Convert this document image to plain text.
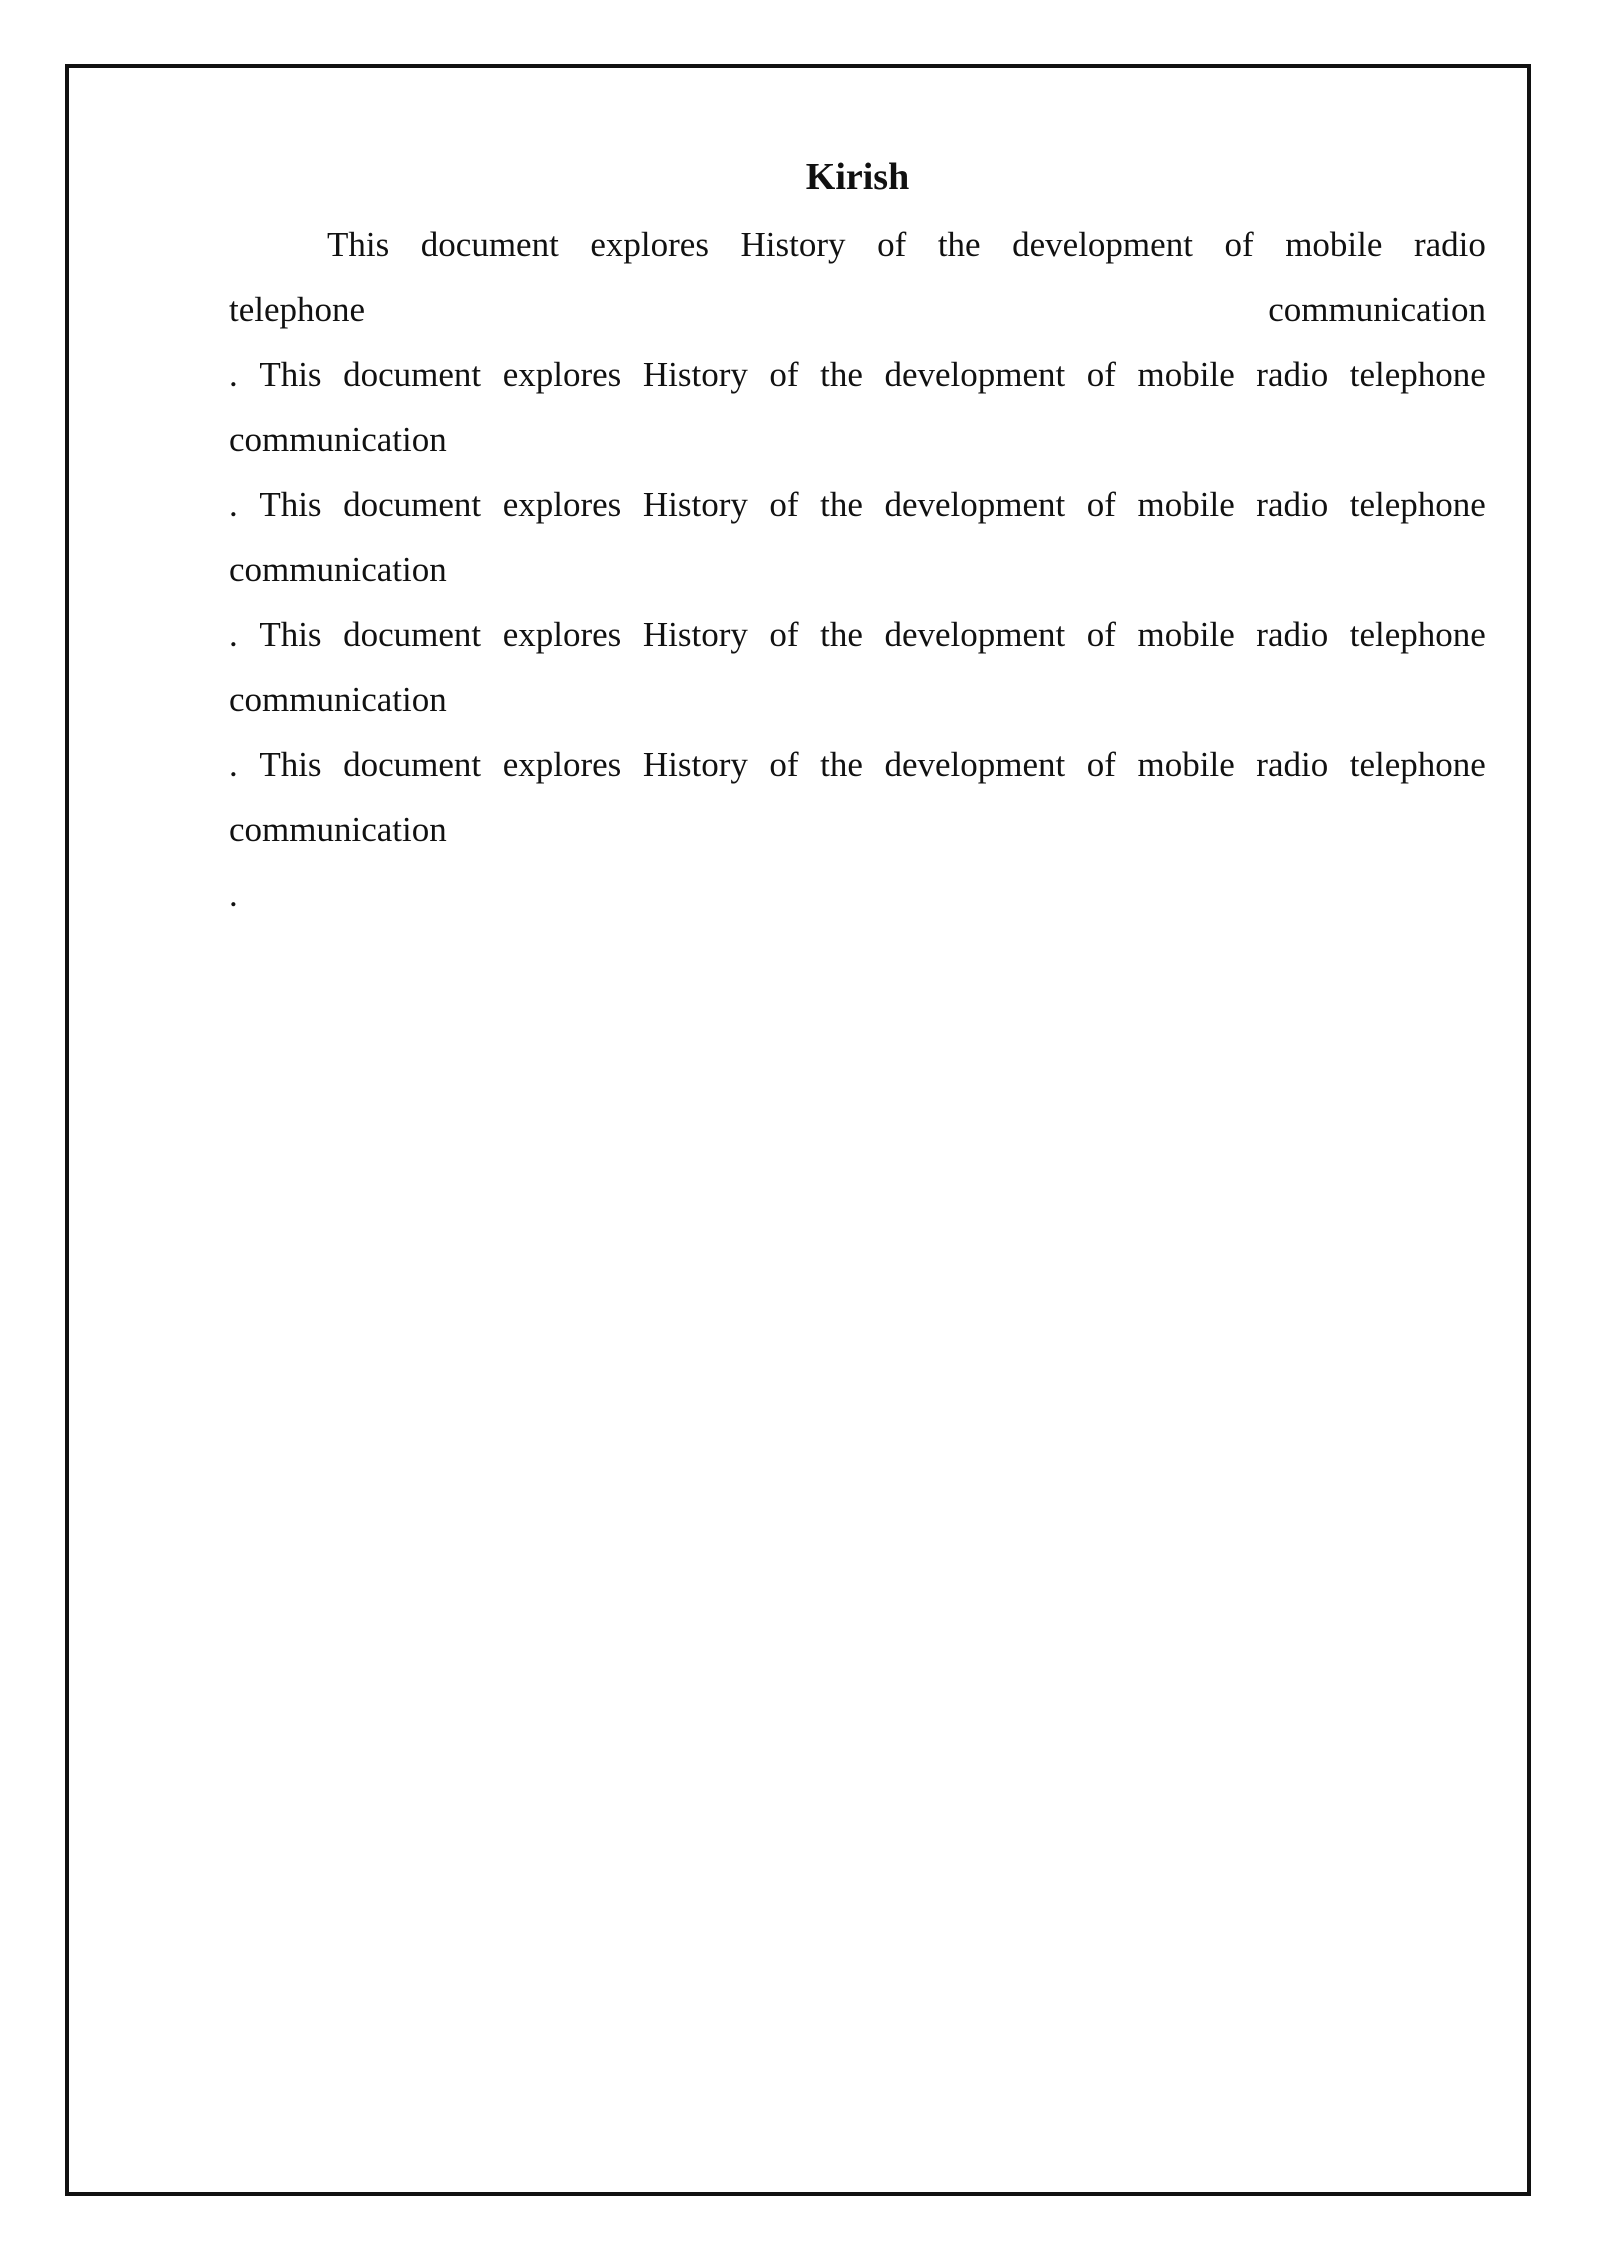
Kirish
This document explores History of the development of mobile radio
telephone	communication
. This document explores History of the development of mobile radio telephone
communication
. This document explores History of the development of mobile radio telephone
communication
. This document explores History of the development of mobile radio telephone
communication
. This document explores History of the development of mobile radio telephone
communication
.
